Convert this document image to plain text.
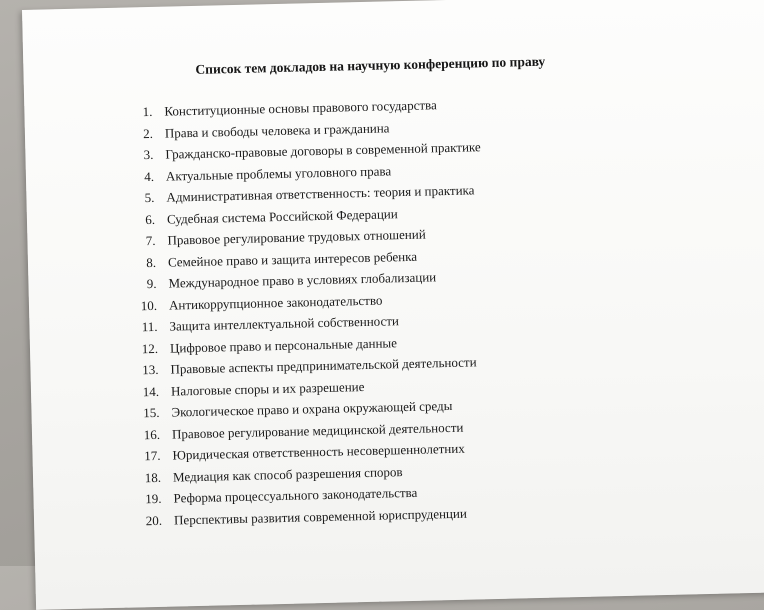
Список тем докладов на научную конференцию по праву
1. Конституционные основы правового государства
2. Права и свободы человека и гражданина
3. Гражданско-правовые договоры в современной практике
4. Актуальные проблемы уголовного права
5. Административная ответственность: теория и практика
6. Судебная система Российской Федерации
7. Правовое регулирование трудовых отношений
8. Семейное право и защита интересов ребенка
9. Международное право в условиях глобализации
10. Антикоррупционное законодательство
11. Защита интеллектуальной собственности
12. Цифровое право и персональные данные
13. Правовые аспекты предпринимательской деятельности
14. Налоговые споры и их разрешение
15. Экологическое право и охрана окружающей среды
16. Правовое регулирование медицинской деятельности
17. Юридическая ответственность несовершеннолетних
18. Медиация как способ разрешения споров
19. Реформа процессуального законодательства
20. Перспективы развития современной юриспруденции
